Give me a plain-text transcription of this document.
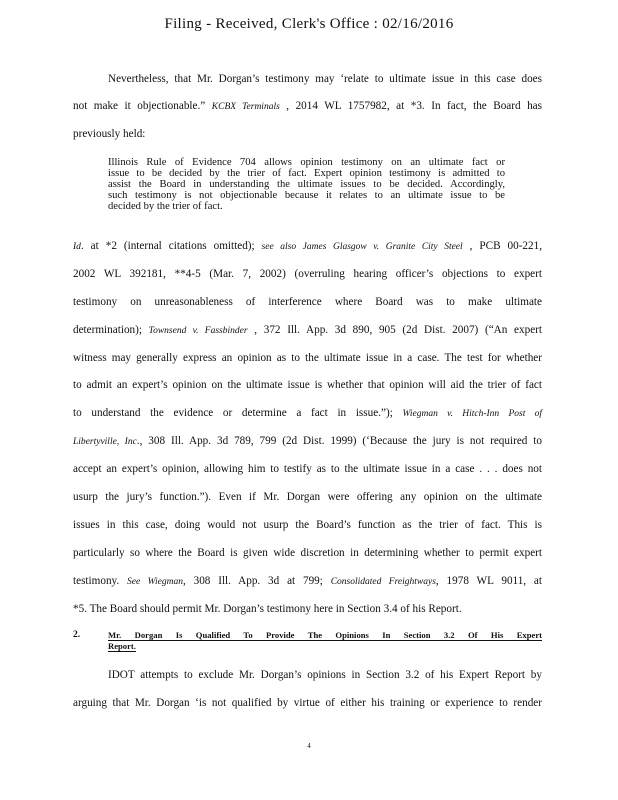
Filing - Received, Clerk's Office : 02/16/2016
Nevertheless, that Mr. Dorgan’s testimony may ‘relate to ultimate issue in this case does
not make it objectionable.” KCBX Terminals , 2014 WL 1757982, at *3. In fact, the Board has
previously held:
Illinois Rule of Evidence 704 allows opinion testimony on an ultimate fact or
issue to be decided by the trier of fact. Expert opinion testimony is admitted to
assist the Board in understanding the ultimate issues to be decided. Accordingly,
such testimony is not objectionable because it relates to an ultimate issue to be
decided by the trier of fact.
Id. at *2 (internal citations omitted); see also James Glasgow v. Granite City Steel , PCB 00-221,
2002 WL 392181, **4-5 (Mar. 7, 2002) (overruling hearing officer’s objections to expert
testimony on unreasonableness of interference where Board was to make ultimate
determination); Townsend v. Fassbinder , 372 Ill. App. 3d 890, 905 (2d Dist. 2007) (“An expert
witness may generally express an opinion as to the ultimate issue in a case. The test for whether
to admit an expert’s opinion on the ultimate issue is whether that opinion will aid the trier of fact
to understand the evidence or determine a fact in issue.”); Wiegman v. Hitch-Inn Post of
Libertyville, Inc., 308 Ill. App. 3d 789, 799 (2d Dist. 1999) (‘Because the jury is not required to
accept an expert’s opinion, allowing him to testify as to the ultimate issue in a case . . . does not
usurp the jury’s function.”). Even if Mr. Dorgan were offering any opinion on the ultimate
issues in this case, doing would not usurp the Board’s function as the trier of fact. This is
particularly so where the Board is given wide discretion in determining whether to permit expert
testimony. See Wiegman, 308 Ill. App. 3d at 799; Consolidated Freightways, 1978 WL 9011, at
*5. The Board should permit Mr. Dorgan’s testimony here in Section 3.4 of his Report.
2.	Mr. Dorgan Is Qualified To Provide The Opinions In Section 3.2 Of His Expert
Report.
IDOT attempts to exclude Mr. Dorgan’s opinions in Section 3.2 of his Expert Report by
arguing that Mr. Dorgan ‘is not qualified by virtue of either his training or experience to render
4
